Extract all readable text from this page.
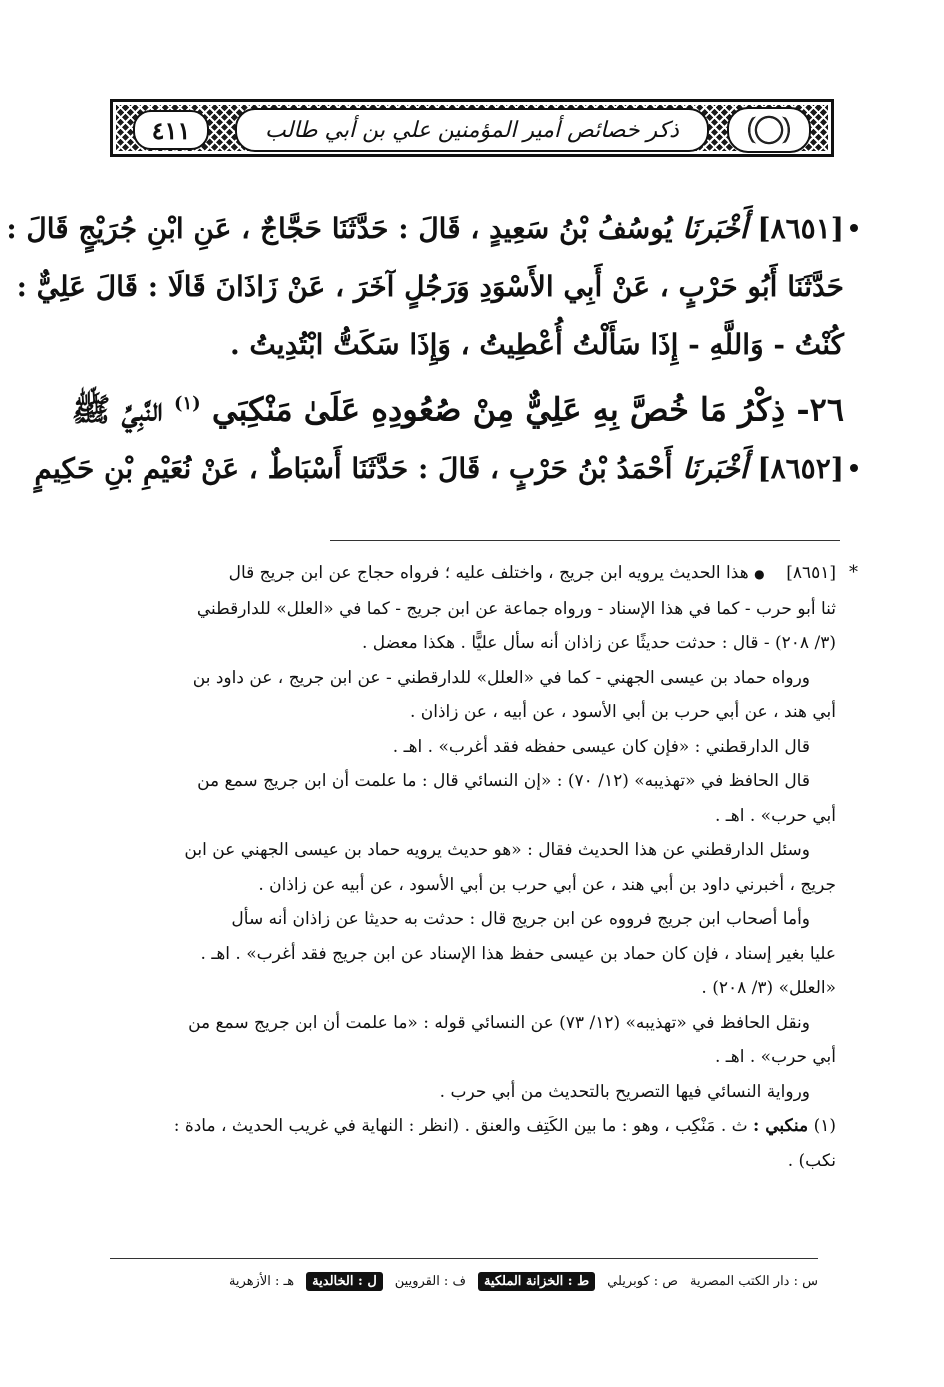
ذكر خصائص أمير المؤمنين علي بن أبي طالب
٤١١

[٨٦٥١] أَخْبَرنَا يُوسُفُ بْنُ سَعِيدٍ ، قَالَ : حَدَّثَنَا حَجَّاجٌ ، عَنِ ابْنِ جُرَيْجٍ قَالَ :

حَدَّثَنَا أَبُو حَرْبٍ ، عَنْ أَبِي الأَسْوَدِ وَرَجُلٍ آخَرَ ، عَنْ زَاذَانَ قَالَا : قَالَ عَلِيٌّ :

كُنْتُ - وَاللَّهِ - إِذَا سَأَلْتُ أُعْطِيتُ ، وَإِذَا سَكَتُّ ابْتُدِيتُ .

٢٦- ذِكْرُ مَا خُصَّ بِهِ عَلِيٌّ مِنْ صُعُودِهِ عَلَىٰ مَنْكِبَي $^{(١)}$ النَّبِيِّ ﷺ

[٨٦٥٢] أَخْبَرنَا أَحْمَدُ بْنُ حَرْبٍ ، قَالَ : حَدَّثَنَا أَسْبَاطٌ ، عَنْ نُعَيْمِ بْنِ حَكِيمٍ

*
[٨٦٥١]    ● هذا الحديث يرويه ابن جريج ، واختلف عليه ؛ فرواه حجاج عن ابن جريج قال
ثنا أبو حرب - كما في هذا الإسناد - ورواه جماعة عن ابن جريج - كما في «العلل» للدارقطني
(٣/ ٢٠٨) - قال : حدثت حديثًا عن زاذان أنه سأل عليًّا . هكذا معضل .
ورواه حماد بن عيسى الجهني - كما في «العلل» للدارقطني - عن ابن جريج ، عن داود بن
أبي هند ، عن أبي حرب بن أبي الأسود ، عن أبيه ، عن زاذان .
قال الدارقطني : «فإن كان عيسى حفظه فقد أغرب» . اهـ .
قال الحافظ في «تهذيبه» (١٢/ ٧٠) : «إن النسائي قال : ما علمت أن ابن جريج سمع من
أبي حرب» . اهـ .
وسئل الدارقطني عن هذا الحديث فقال : «هو حديث يرويه حماد بن عيسى الجهني عن ابن
جريج ، أخبرني داود بن أبي هند ، عن أبي حرب بن أبي الأسود ، عن أبيه عن زاذان .
وأما أصحاب ابن جريج فرووه عن ابن جريج قال : حدثت به حديثا عن زاذان أنه سأل
عليا بغير إسناد ، فإن كان حماد بن عيسى حفظ هذا الإسناد عن ابن جريج فقد أغرب» . اهـ .
«العلل» (٣/ ٢٠٨) .
ونقل الحافظ في «تهذيبه» (١٢/ ٧٣) عن النسائي قوله : «ما علمت أن ابن جريج سمع من
أبي حرب» . اهـ .
ورواية النسائي فيها التصريح بالتحديث من أبي حرب .
(١) منكبي : ث . مَنْكِب ، وهو : ما بين الكَتِف والعنق . (انظر : النهاية في غريب الحديث ، مادة :
نكب) .
س : دار الكتب المصرية
ص : كوبريلي
ط : الخزانة الملكية
ف : القرويين
ل : الخالدية
هـ : الأزهرية
